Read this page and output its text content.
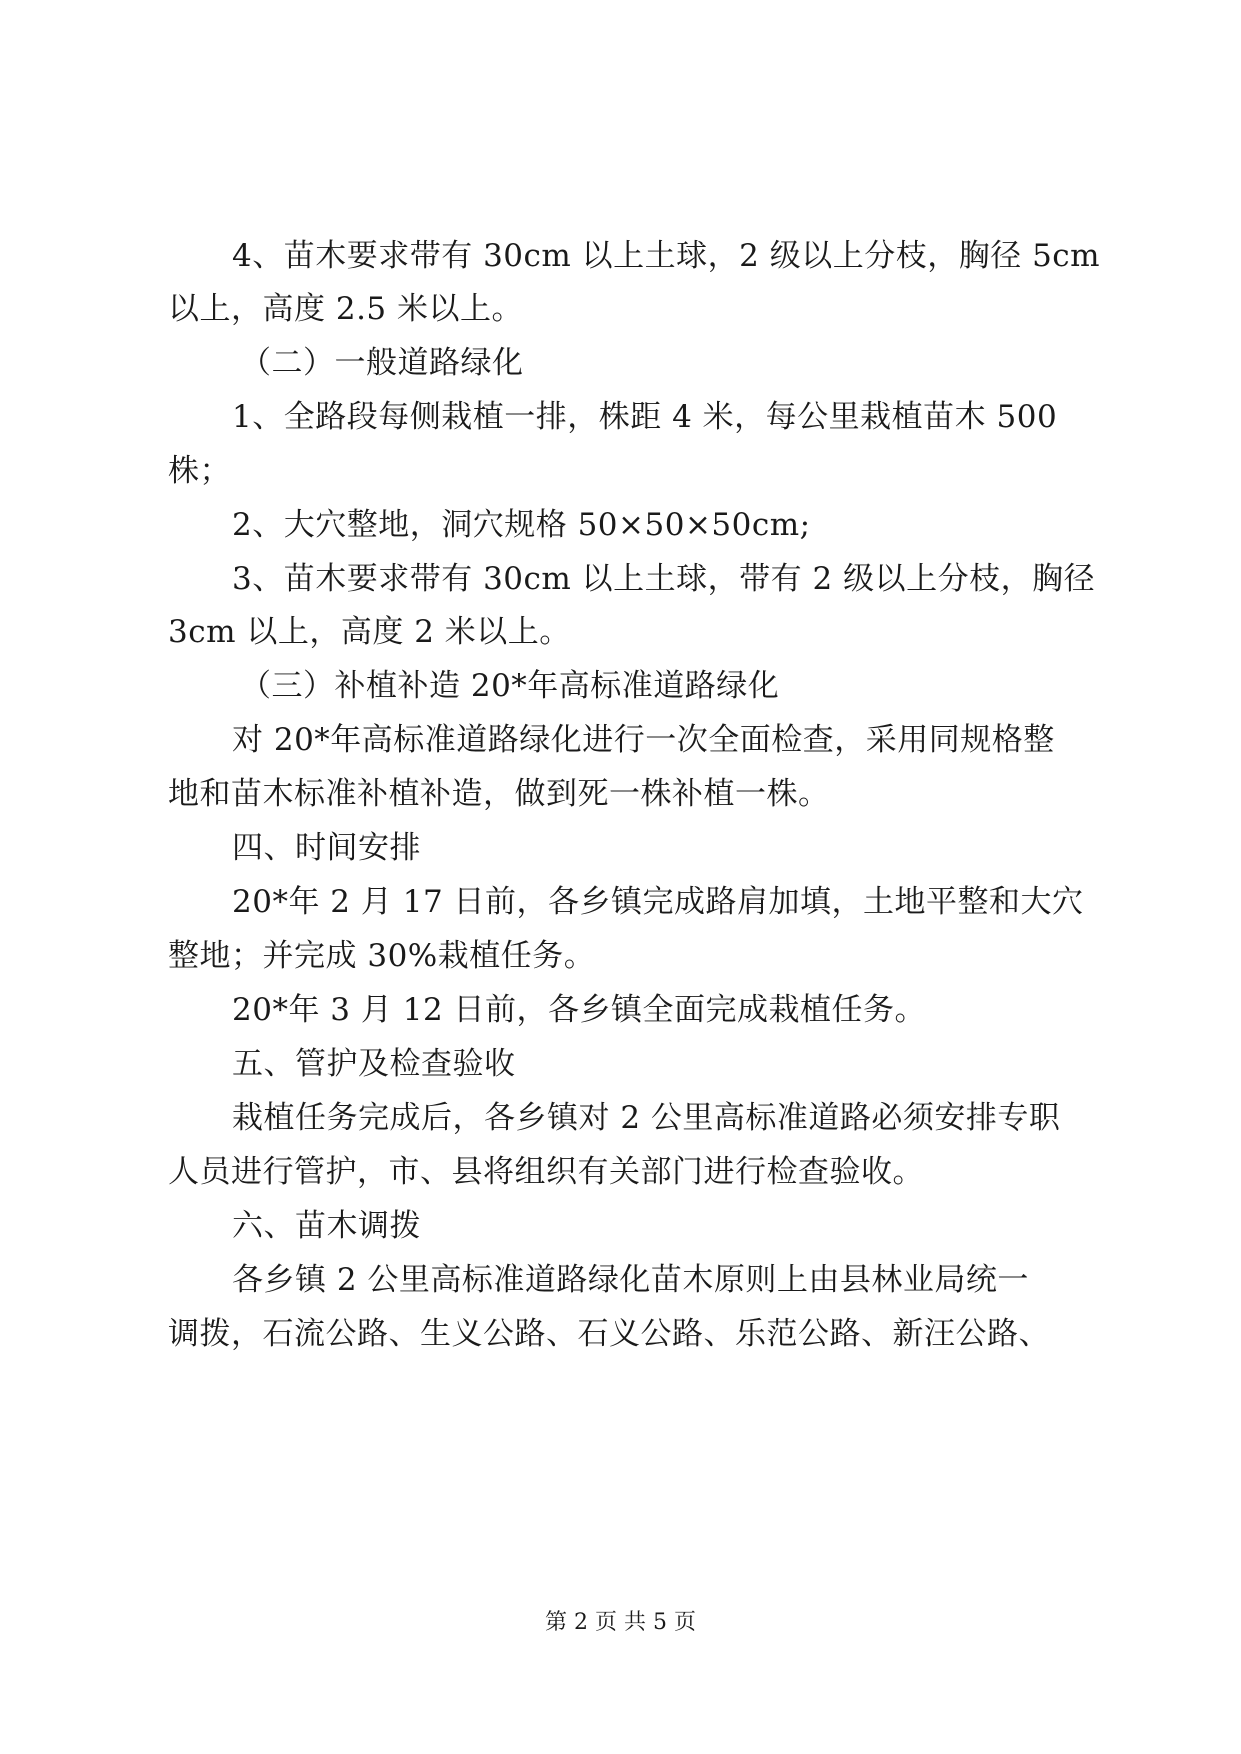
4、苗木要求带有 30cm 以上土球，2 级以上分枝，胸径 5cm
以上，高度 2.5 米以上。
（二）一般道路绿化
1、全路段每侧栽植一排，株距 4 米，每公里栽植苗木 500
株；
2、大穴整地，洞穴规格 50×50×50cm;
3、苗木要求带有 30cm 以上土球，带有 2 级以上分枝，胸径
3cm 以上，高度 2 米以上。
（三）补植补造 20*年高标准道路绿化
对 20*年高标准道路绿化进行一次全面检查，采用同规格整
地和苗木标准补植补造，做到死一株补植一株。
四、时间安排
20*年 2 月 17 日前，各乡镇完成路肩加填，土地平整和大穴
整地；并完成 30%栽植任务。
20*年 3 月 12 日前，各乡镇全面完成栽植任务。
五、管护及检查验收
栽植任务完成后，各乡镇对 2 公里高标准道路必须安排专职
人员进行管护，市、县将组织有关部门进行检查验收。
六、苗木调拨
各乡镇 2 公里高标准道路绿化苗木原则上由县林业局统一
调拨，石流公路、生义公路、石义公路、乐范公路、新汪公路、
第 2 页 共 5 页
